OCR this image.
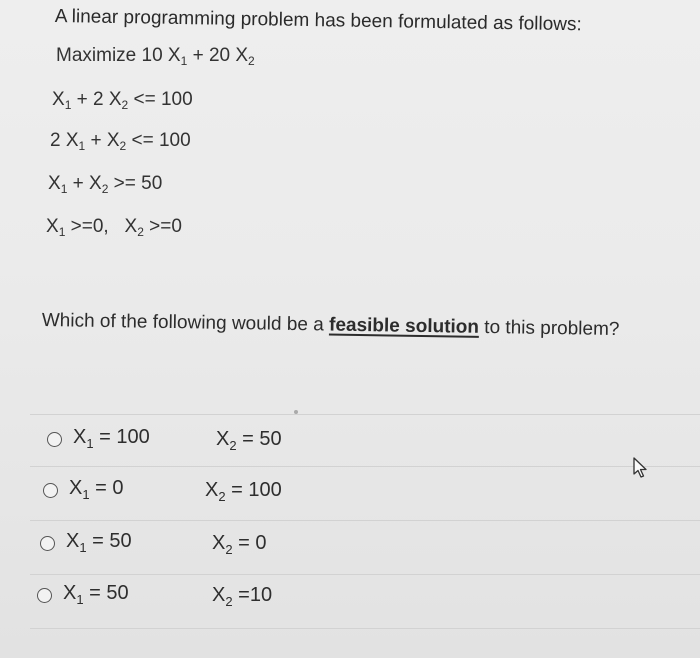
A linear programming problem has been formulated as follows:
Maximize 10 $X_1 + 20$ $X_2$
$X_1 + 2$ $X_2 <= 100$
2 $X_1 + X_2 <= 100$
$X_1 + X_2 >= 50$
$X_1 >=0$,   $X_2 >=0$
Which of the following would be a feasible solution to this problem?
$X_1 = 100$	$X_2 = 50$
$X_1 = 0$	$X_2 = 100$
$X_1 = 50$	$X_2 = 0$
$X_1 = 50$	$X_2 =10$
